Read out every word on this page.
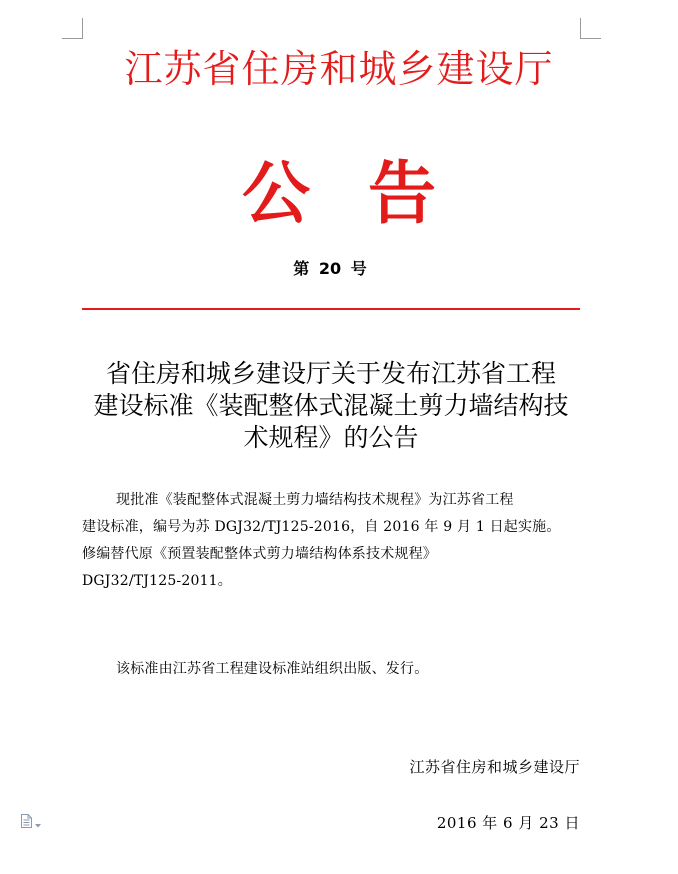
江苏省住房和城乡建设厅
公告
第 20 号
省住房和城乡建设厅关于发布江苏省工程
建设标准《装配整体式混凝土剪力墙结构技
术规程》的公告
现批准《装配整体式混凝土剪力墙结构技术规程》为江苏省工程
建设标准，编号为苏 DGJ32/TJ125-2016，自 2016 年 9 月 1 日起实施。
修编替代原《预置装配整体式剪力墙结构体系技术规程》
DGJ32/TJ125-2011。
该标准由江苏省工程建设标准站组织出版、发行。
江苏省住房和城乡建设厅
2016 年 6 月 23 日
